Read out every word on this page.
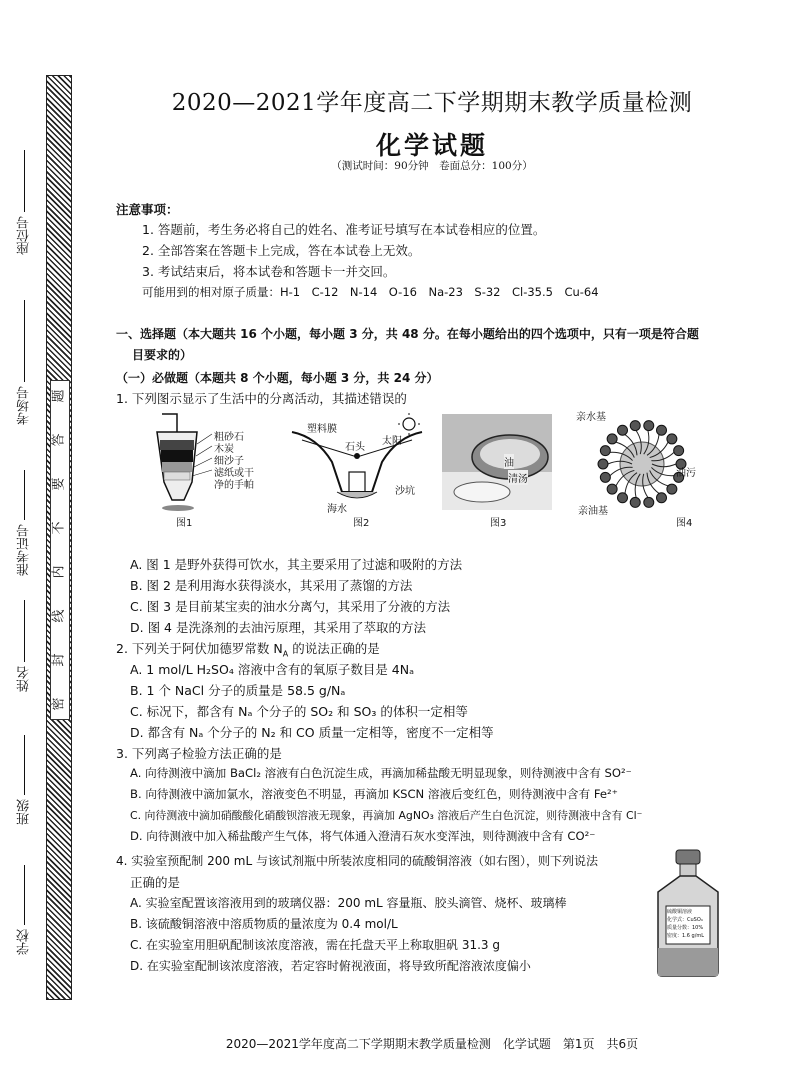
题
答
要
不
内
线
封
密
座位号
考场号
准考证号
姓名
班级
学校
2020—2021学年度高二下学期期末教学质量检测
化学试题
（测试时间：90分钟　卷面总分：100分）
注意事项：
1. 答题前，考生务必将自己的姓名、准考证号填写在本试卷相应的位置。
2. 全部答案在答题卡上完成，答在本试卷上无效。
3. 考试结束后，将本试卷和答题卡一并交回。
可能用到的相对原子质量：H-1　C-12　N-14　O-16　Na-23　S-32　Cl-35.5　Cu-64
一、选择题（本大题共 16 个小题，每小题 3 分，共 48 分。在每小题给出的四个选项中，只有一项是符合题
目要求的）
（一）必做题（本题共 8 个小题，每小题 3 分，共 24 分）
1. 下列图示显示了生活中的分离活动，其描述错误的
粗砂石
木炭
细沙子
滤纸或干
净的手帕
图1
塑料膜
石头
太阳
沙坑
海水
图2
油
清汤
图3
亲水基
油污
亲油基
图4
A. 图 1 是野外获得可饮水，其主要采用了过滤和吸附的方法
B. 图 2 是利用海水获得淡水，其采用了蒸馏的方法
C. 图 3 是目前某宝卖的油水分离勺，其采用了分液的方法
D. 图 4 是洗涤剂的去油污原理，其采用了萃取的方法
2. 下列关于阿伏加德罗常数 $N_A$ 的说法正确的是
A. 1 mol/L H₂SO₄ 溶液中含有的氧原子数目是 4Nₐ
B. 1 个 NaCl 分子的质量是 58.5 g/Nₐ
C. 标况下，都含有 Nₐ 个分子的 SO₂ 和 SO₃ 的体积一定相等
D. 都含有 Nₐ 个分子的 N₂ 和 CO 质量一定相等，密度不一定相等
3. 下列离子检验方法正确的是
A. 向待测液中滴加 BaCl₂ 溶液有白色沉淀生成，再滴加稀盐酸无明显现象，则待测液中含有 SO²⁻
B. 向待测液中滴加氯水，溶液变色不明显，再滴加 KSCN 溶液后变红色，则待测液中含有 Fe²⁺
C. 向待测液中滴加硝酸酸化硝酸钡溶液无现象，再滴加 AgNO₃ 溶液后产生白色沉淀，则待测液中含有 Cl⁻
D. 向待测液中加入稀盐酸产生气体，将气体通入澄清石灰水变浑浊，则待测液中含有 CO²⁻
4. 实验室预配制 200 mL 与该试剂瓶中所装浓度相同的硫酸铜溶液（如右图），则下列说法
正确的是
A. 实验室配置该溶液用到的玻璃仪器：200 mL 容量瓶、胶头滴管、烧杯、玻璃棒
B. 该硫酸铜溶液中溶质物质的量浓度为 0.4 mol/L
C. 在实验室用胆矾配制该浓度溶液，需在托盘天平上称取胆矾 31.3 g
D. 在实验室配制该浓度溶液，若定容时俯视液面，将导致所配溶液浓度偏小
硫酸铜溶液
化学式：CuSO₄
质量分数：10%
密度：1.6 g/mL
2020—2021学年度高二下学期期末教学质量检测　化学试题　第1页　共6页
